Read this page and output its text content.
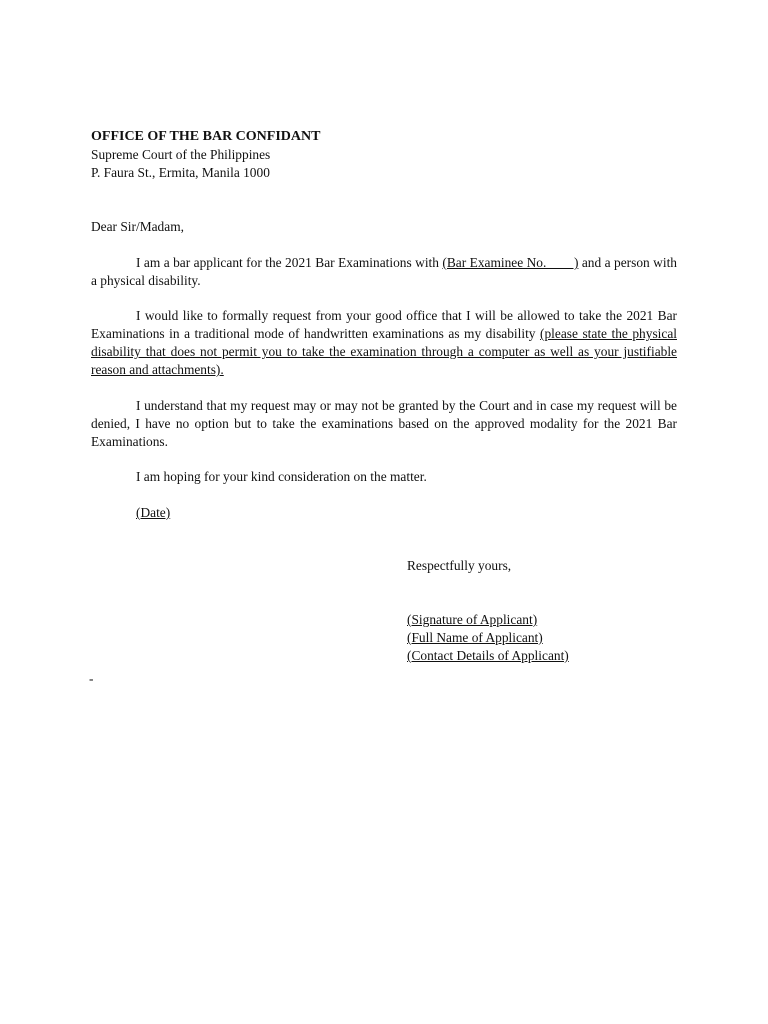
OFFICE OF THE BAR CONFIDANT
Supreme Court of the Philippines
P. Faura St., Ermita, Manila 1000
Dear Sir/Madam,

I am a bar applicant for the 2021 Bar Examinations with (Bar Examinee No.        ) and a person with a physical disability.

I would like to formally request from your good office that I will be allowed to take the 2021 Bar Examinations in a traditional mode of handwritten examinations as my disability (please state the physical disability that does not permit you to take the examination through a computer as well as your justifiable reason and attachments).

I understand that my request may or may not be granted by the Court and in case my request will be denied, I have no option but to take the examinations based on the approved modality for the 2021 Bar Examinations.

I am hoping for your kind consideration on the matter.

(Date)
Respectfully yours,
(Signature of Applicant)
(Full Name of Applicant)
(Contact Details of Applicant)
-
